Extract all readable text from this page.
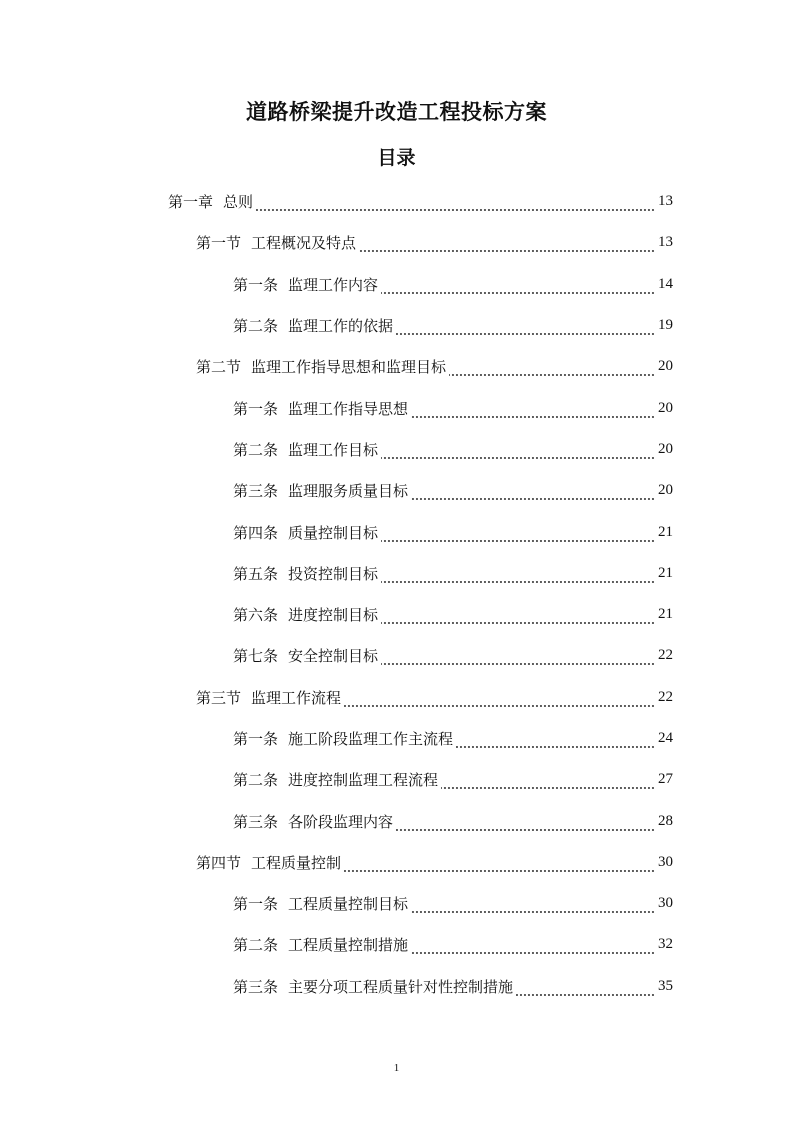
道路桥梁提升改造工程投标方案
目录
第一章 总则	13
第一节 工程概况及特点	13
第一条 监理工作内容	14
第二条 监理工作的依据	19
第二节 监理工作指导思想和监理目标	20
第一条 监理工作指导思想	20
第二条 监理工作目标	20
第三条 监理服务质量目标	20
第四条 质量控制目标	21
第五条 投资控制目标	21
第六条 进度控制目标	21
第七条 安全控制目标	22
第三节 监理工作流程	22
第一条 施工阶段监理工作主流程	24
第二条 进度控制监理工程流程	27
第三条 各阶段监理内容	28
第四节 工程质量控制	30
第一条 工程质量控制目标	30
第二条 工程质量控制措施	32
第三条 主要分项工程质量针对性控制措施	35
1
